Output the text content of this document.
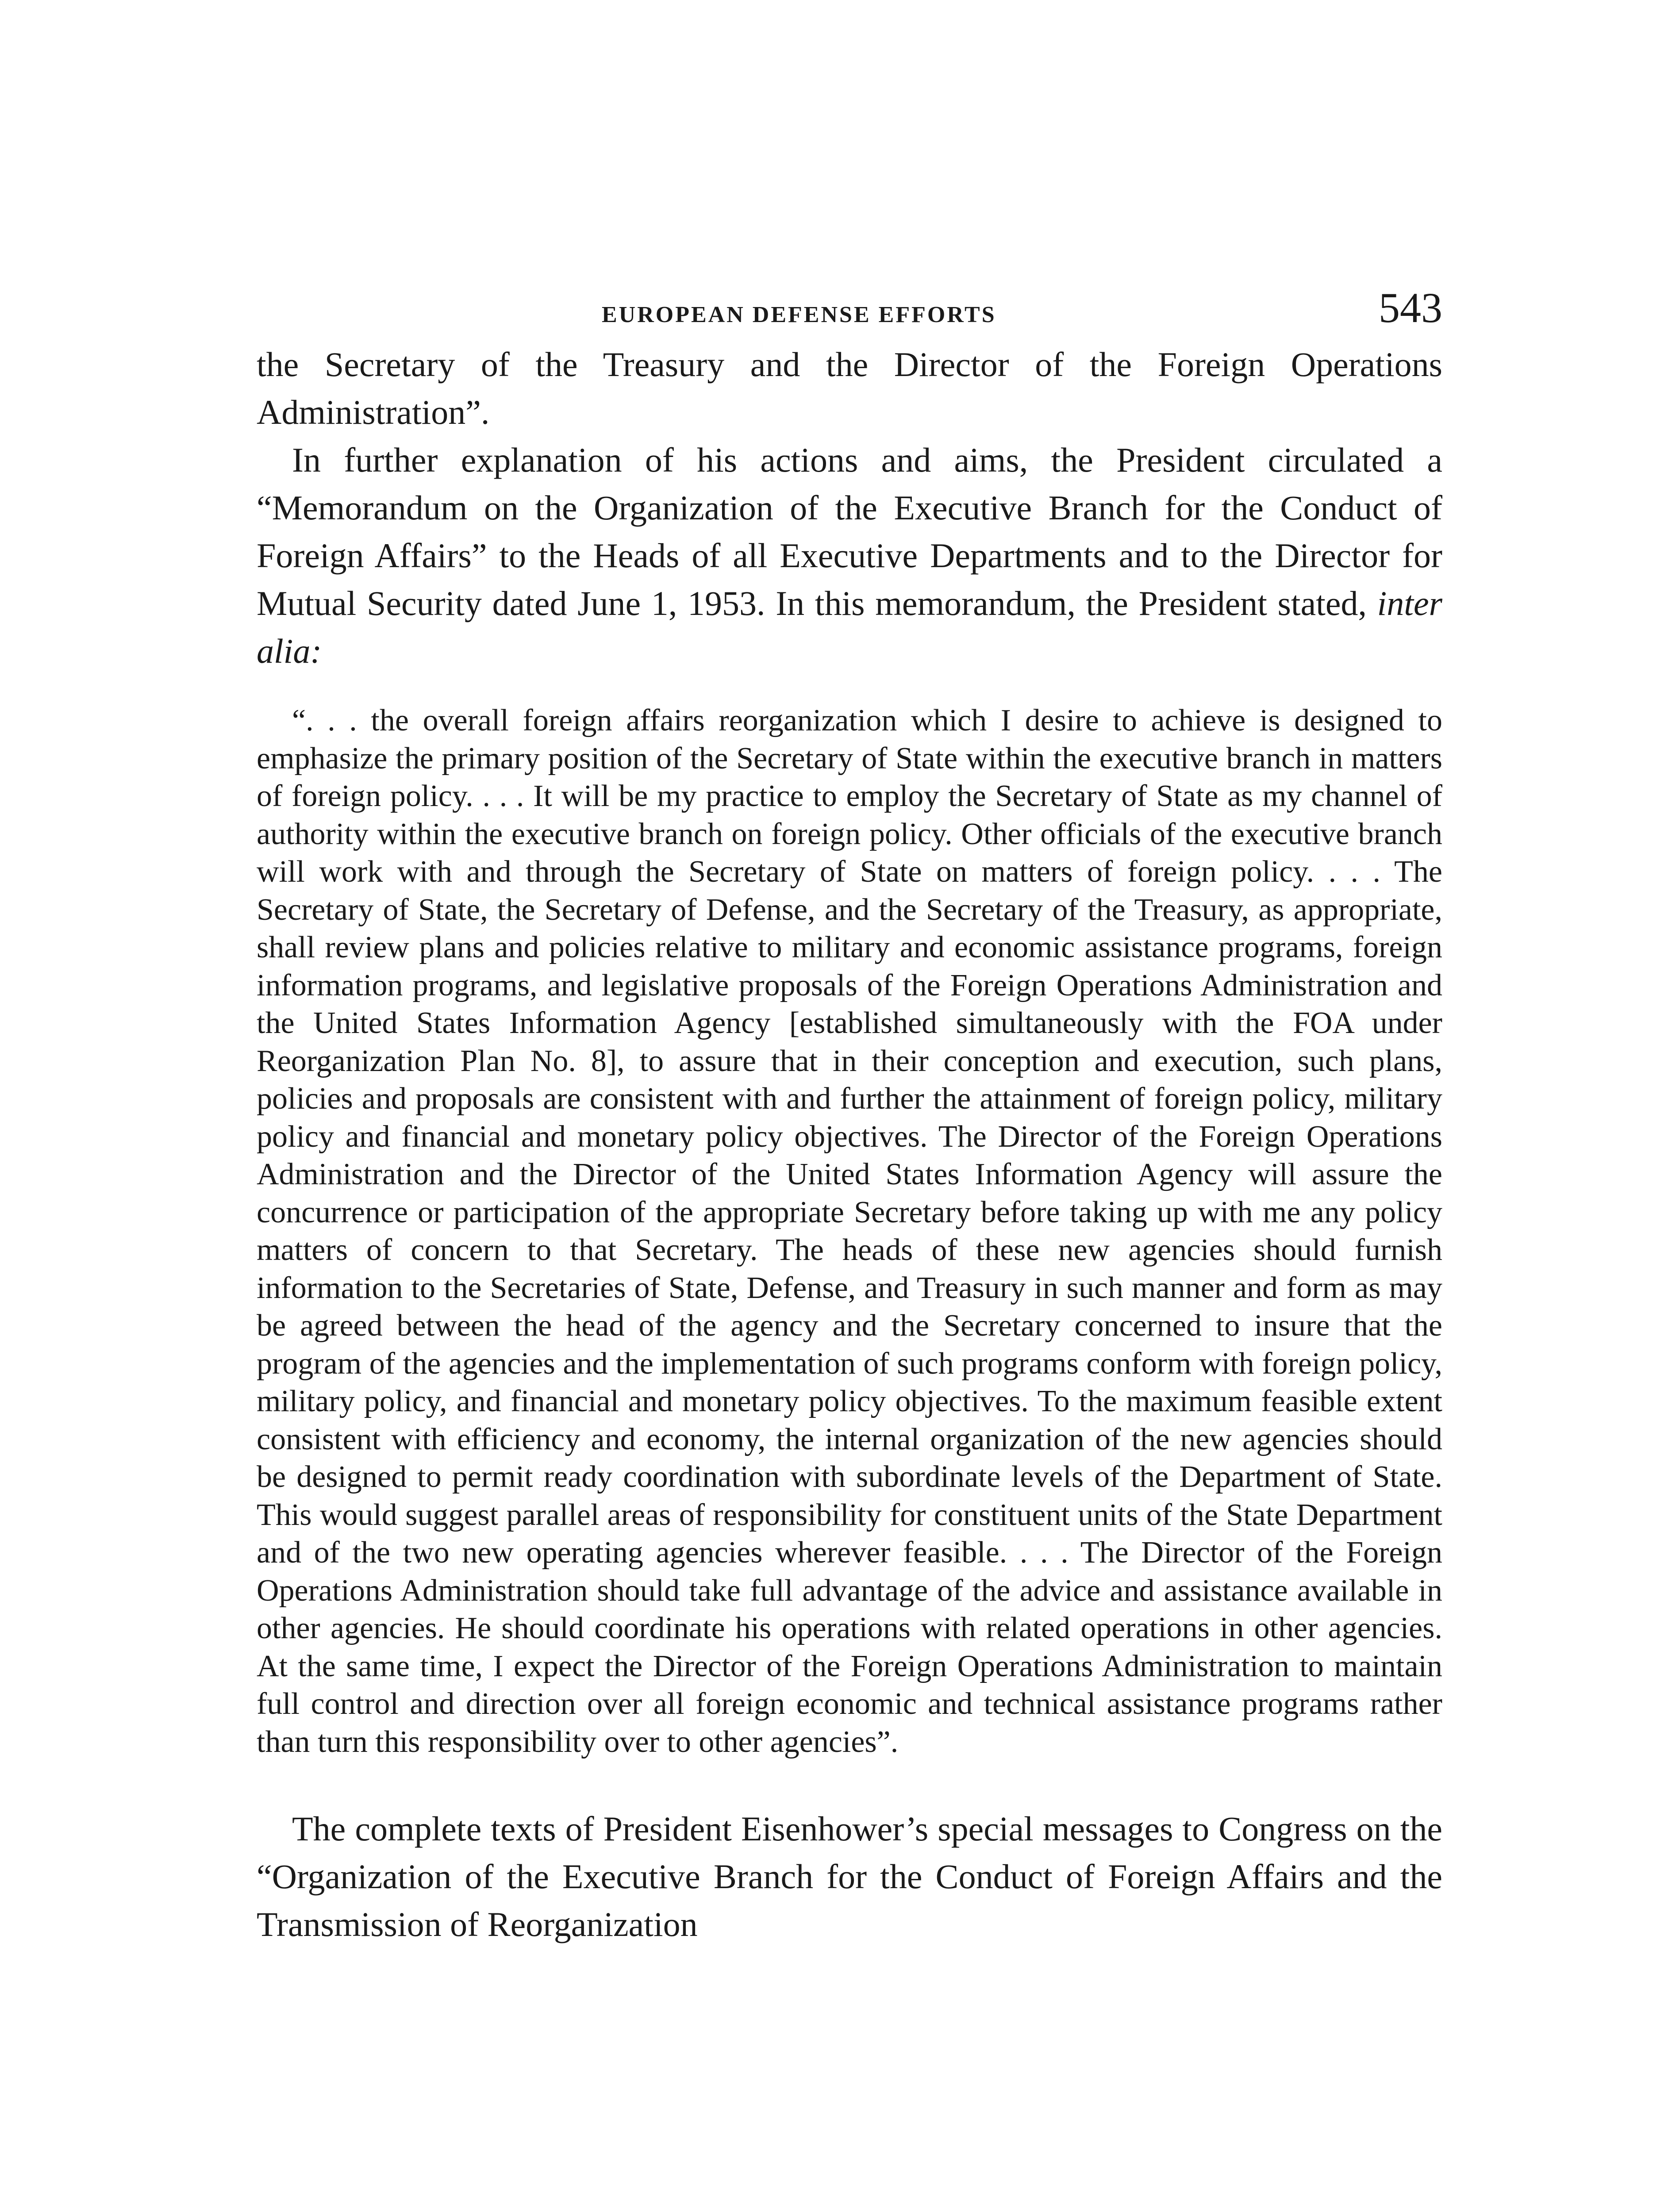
EUROPEAN DEFENSE EFFORTS	543

the Secretary of the Treasury and the Director of the Foreign Operations Administration”.

In further explanation of his actions and aims, the President circulated a “Memorandum on the Organization of the Executive Branch for the Conduct of Foreign Affairs” to the Heads of all Executive Departments and to the Director for Mutual Security dated June 1, 1953. In this memorandum, the President stated, inter alia:

“. . . the overall foreign affairs reorganization which I desire to achieve is designed to emphasize the primary position of the Secretary of State within the executive branch in matters of foreign policy. . . . It will be my practice to employ the Secretary of State as my channel of authority within the executive branch on foreign policy. Other officials of the executive branch will work with and through the Secretary of State on matters of foreign policy. . . . The Secretary of State, the Secretary of Defense, and the Secretary of the Treasury, as appropriate, shall review plans and policies relative to military and economic assistance programs, foreign information programs, and legislative proposals of the Foreign Operations Administration and the United States Information Agency [established simultaneously with the FOA under Reorganization Plan No. 8], to assure that in their conception and execution, such plans, policies and proposals are consistent with and further the attainment of foreign policy, military policy and financial and monetary policy objectives. The Director of the Foreign Operations Administration and the Director of the United States Information Agency will assure the concurrence or participation of the appropriate Secretary before taking up with me any policy matters of concern to that Secretary. The heads of these new agencies should furnish information to the Secretaries of State, Defense, and Treasury in such manner and form as may be agreed between the head of the agency and the Secretary concerned to insure that the program of the agencies and the implementation of such programs conform with foreign policy, military policy, and financial and monetary policy objectives. To the maximum feasible extent consistent with efficiency and economy, the internal organization of the new agencies should be designed to permit ready coordination with subordinate levels of the Department of State. This would suggest parallel areas of responsibility for constituent units of the State Department and of the two new operating agencies wherever feasible. . . . The Director of the Foreign Operations Administration should take full advantage of the advice and assistance available in other agencies. He should coordinate his operations with related operations in other agencies. At the same time, I expect the Director of the Foreign Operations Administration to maintain full control and direction over all foreign economic and technical assistance programs rather than turn this responsibility over to other agencies”.

The complete texts of President Eisenhower’s special messages to Congress on the “Organization of the Executive Branch for the Conduct of Foreign Affairs and the Transmission of Reorganization
